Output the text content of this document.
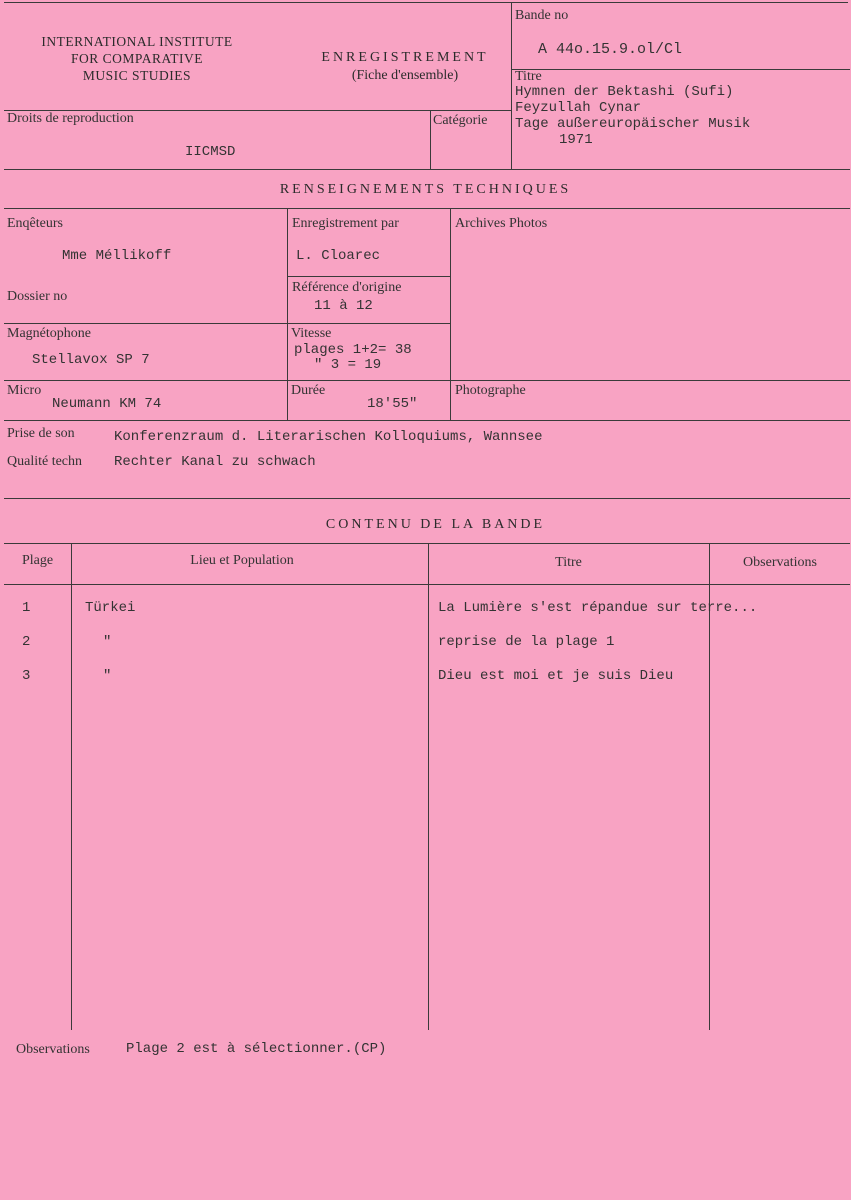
INTERNATIONAL INSTITUTE
FOR COMPARATIVE
MUSIC STUDIES
ENREGISTREMENT
(Fiche d'ensemble)
Bande no
A 44o.15.9.ol/Cl
Titre
Hymnen der Bektashi (Sufi)
Feyzullah Cynar
Tage außereuropäischer Musik
1971
Droits de reproduction
IICMSD
Catégorie
RENSEIGNEMENTS TECHNIQUES
Enqêteurs
Mme Méllikoff
Enregistrement par
L. Cloarec
Archives Photos
Dossier no
Référence d'origine
11 à 12
Magnétophone
Stellavox SP 7
Vitesse
plages 1+2= 38
" 3 = 19
Micro
Neumann KM 74
Durée
18'55"
Photographe
Prise de son	Konferenzraum d. Literarischen Kolloquiums, Wannsee
Qualité techn Rechter Kanal zu schwach
CONTENU DE LA BANDE
Plage	Lieu et Population	Titre	Observations
1	Türkei	La Lumière s'est répandue sur terre...
2	"	reprise de la plage 1
3	"	Dieu est moi et je suis Dieu
Observations	Plage 2 est à sélectionner.(CP)
